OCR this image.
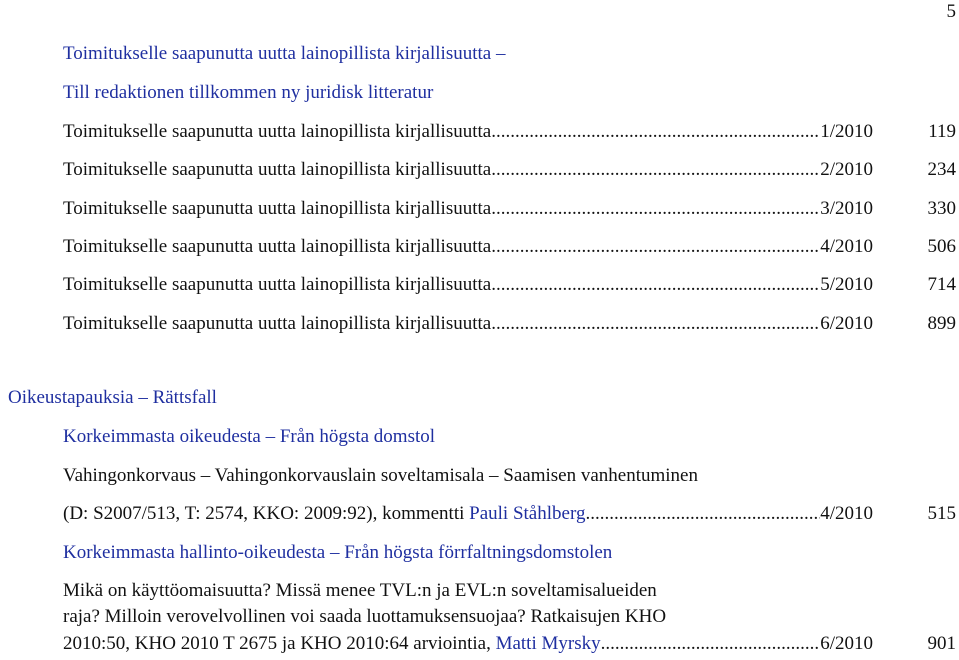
5
Toimitukselle saapunutta uutta lainopillista kirjallisuutta –
Till redaktionen tillkommen ny juridisk litteratur
Toimitukselle saapunutta uutta lainopillista kirjallisuutta .....	1/2010	119
Toimitukselle saapunutta uutta lainopillista kirjallisuutta .....	2/2010	234
Toimitukselle saapunutta uutta lainopillista kirjallisuutta .....	3/2010	330
Toimitukselle saapunutta uutta lainopillista kirjallisuutta .....	4/2010	506
Toimitukselle saapunutta uutta lainopillista kirjallisuutta .....	5/2010	714
Toimitukselle saapunutta uutta lainopillista kirjallisuutta .....	6/2010	899
Oikeustapauksia – Rättsfall
Korkeimmasta oikeudesta – Från högsta domstol
Vahingonkorvaus – Vahingonkorvauslain soveltamisala – Saamisen vanhentuminen
(D: S2007/513, T: 2574, KKO: 2009:92), kommentti Pauli Ståhlberg .....	4/2010	515
Korkeimmasta hallinto-oikeudesta – Från högsta förrfaltningsdomstolen
Mikä on käyttöomaisuutta? Missä menee TVL:n ja EVL:n soveltamisalueiden
raja? Milloin verovelvollinen voi saada luottamuksensuojaa? Ratkaisujen KHO
2010:50, KHO 2010 T 2675 ja KHO 2010:64 arviointia, Matti Myrsky .....	6/2010	901
